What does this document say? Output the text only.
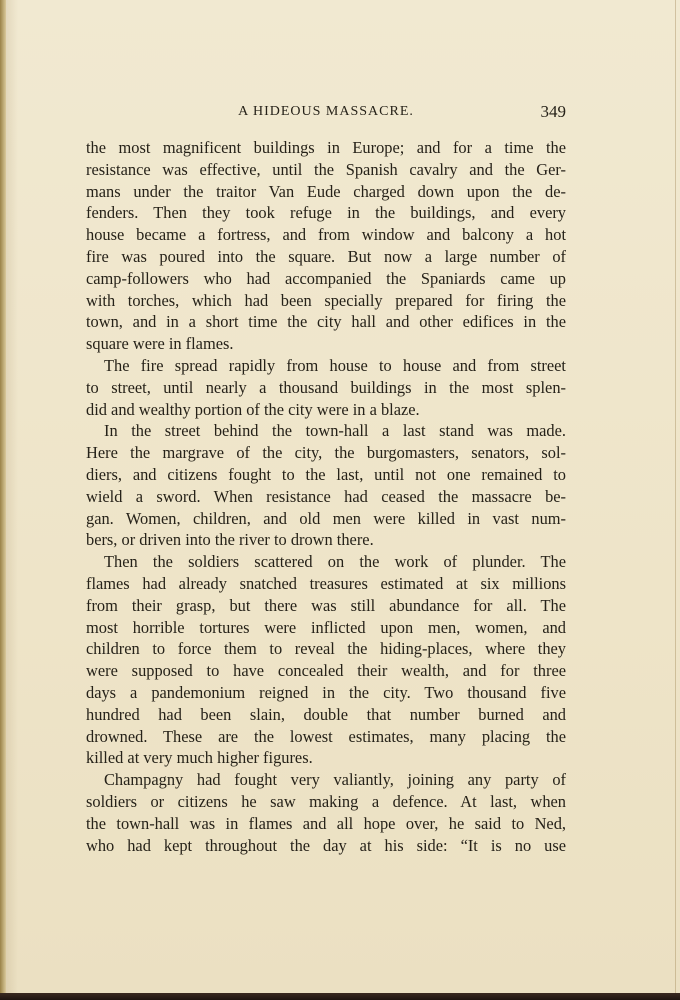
A HIDEOUS MASSACRE.	349
the most magnificent buildings in Europe; and for a time the
resistance was effective, until the Spanish cavalry and the Ger-
mans under the traitor Van Eude charged down upon the de-
fenders. Then they took refuge in the buildings, and every
house became a fortress, and from window and balcony a hot
fire was poured into the square. But now a large number of
camp-followers who had accompanied the Spaniards came up
with torches, which had been specially prepared for firing the
town, and in a short time the city hall and other edifices in the
square were in flames.
The fire spread rapidly from house to house and from street
to street, until nearly a thousand buildings in the most splen-
did and wealthy portion of the city were in a blaze.
In the street behind the town-hall a last stand was made.
Here the margrave of the city, the burgomasters, senators, sol-
diers, and citizens fought to the last, until not one remained to
wield a sword. When resistance had ceased the massacre be-
gan. Women, children, and old men were killed in vast num-
bers, or driven into the river to drown there.
Then the soldiers scattered on the work of plunder. The
flames had already snatched treasures estimated at six millions
from their grasp, but there was still abundance for all. The
most horrible tortures were inflicted upon men, women, and
children to force them to reveal the hiding-places, where they
were supposed to have concealed their wealth, and for three
days a pandemonium reigned in the city. Two thousand five
hundred had been slain, double that number burned and
drowned. These are the lowest estimates, many placing the
killed at very much higher figures.
Champagny had fought very valiantly, joining any party of
soldiers or citizens he saw making a defence. At last, when
the town-hall was in flames and all hope over, he said to Ned,
who had kept throughout the day at his side: “It is no use
